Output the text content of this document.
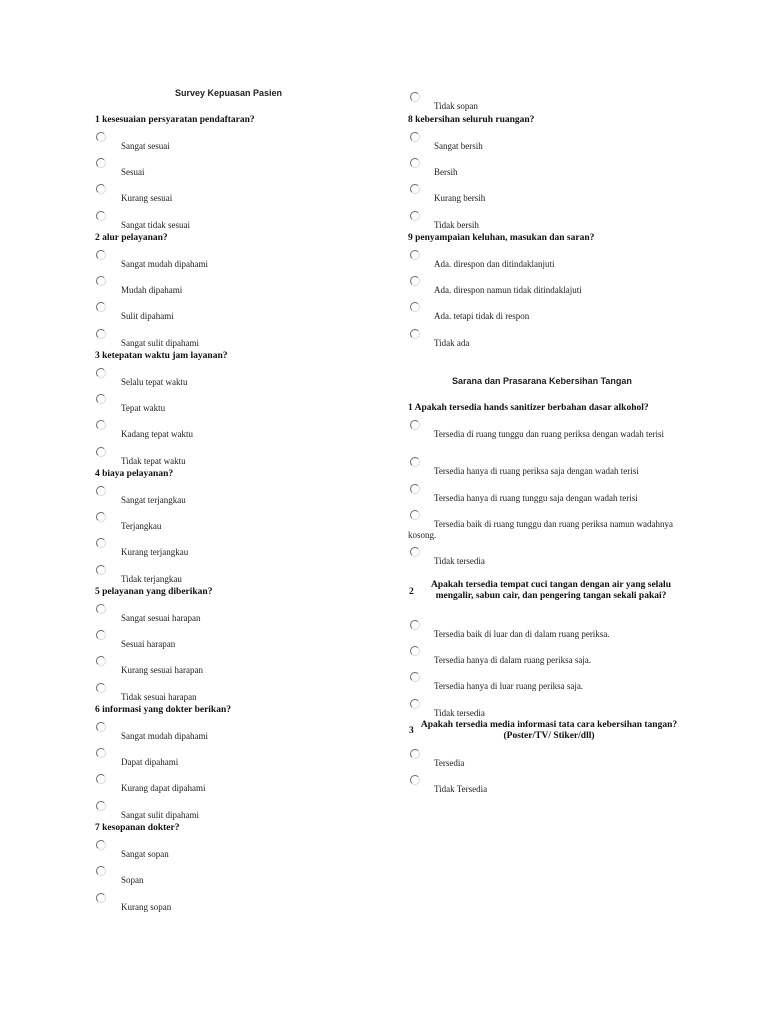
Survey Kepuasan Pasien
1 kesesuaian persyaratan pendaftaran?
Sangat sesuai
Sesuai
Kurang sesuai
Sangat tidak sesuai
2 alur pelayanan?
Sangat mudah dipahami
Mudah dipahami
Sulit dipahami
Sangat sulit dipahami
3 ketepatan waktu jam layanan?
Selalu tepat waktu
Tepat waktu
Kadang tepat waktu
Tidak tepat waktu
4 biaya pelayanan?
Sangat terjangkau
Terjangkau
Kurang terjangkau
Tidak terjangkau
5 pelayanan yang diberikan?
Sangat sesuai harapan
Sesuai harapan
Kurang sesuai harapan
Tidak sesuai harapan
6 informasi yang dokter berikan?
Sangat mudah dipahami
Dapat dipahami
Kurang dapat dipahami
Sangat sulit dipahami
7 kesopanan dokter?
Sangat sopan
Sopan
Kurang sopan
Tidak sopan
8 kebersihan seluruh ruangan?
Sangat bersih
Bersih
Kurang bersih
Tidak bersih
9 penyampaian keluhan, masukan dan saran?
Ada. direspon dan ditindaklanjuti
Ada. direspon namun tidak ditindaklajuti
Ada. tetapi tidak di respon
Tidak ada
Sarana dan Prasarana Kebersihan Tangan
1 Apakah tersedia hands sanitizer berbahan dasar alkohol?
Tersedia di ruang tunggu dan ruang periksa dengan wadah terisi
Tersedia hanya di ruang periksa saja dengan wadah terisi
Tersedia hanya di ruang tunggu saja dengan wadah terisi
Tersedia baik di ruang tunggu dan ruang periksa namun wadahnya kosong.
Tidak tersedia
2
Apakah tersedia tempat cuci tangan dengan air yang selalu mengalir, sabun cair, dan pengering tangan sekali pakai?
Tersedia baik di luar dan di dalam ruang periksa.
Tersedia hanya di dalam ruang periksa saja.
Tersedia hanya di luar ruang periksa saja.
Tidak tersedia
3
Apakah tersedia media informasi tata cara kebersihan tangan? (Poster/TV/ Stiker/dll)
Tersedia
Tidak Tersedia
